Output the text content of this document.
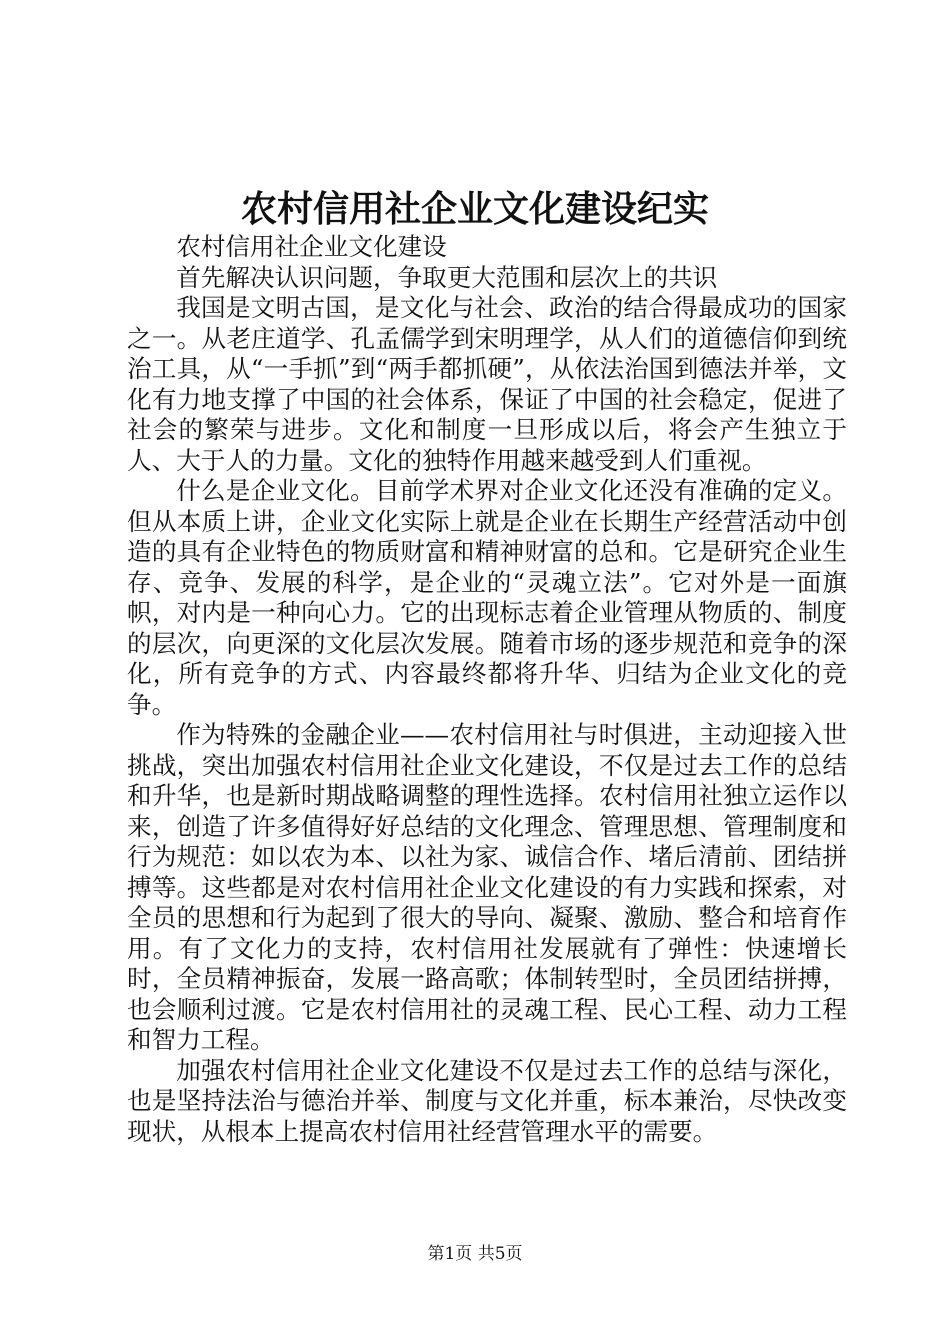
农村信用社企业文化建设纪实

农村信用社企业文化建设

首先解决认识问题，争取更大范围和层次上的共识

我国是文明古国，是文化与社会、政治的结合得最成功的国家之一。从老庄道学、孔孟儒学到宋明理学，从人们的道德信仰到统治工具，从“一手抓”到“两手都抓硬”，从依法治国到德法并举，文化有力地支撑了中国的社会体系，保证了中国的社会稳定，促进了社会的繁荣与进步。文化和制度一旦形成以后，将会产生独立于人、大于人的力量。文化的独特作用越来越受到人们重视。

什么是企业文化。目前学术界对企业文化还没有准确的定义。但从本质上讲，企业文化实际上就是企业在长期生产经营活动中创造的具有企业特色的物质财富和精神财富的总和。它是研究企业生存、竞争、发展的科学，是企业的“灵魂立法”。它对外是一面旗帜，对内是一种向心力。它的出现标志着企业管理从物质的、制度的层次，向更深的文化层次发展。随着市场的逐步规范和竞争的深化，所有竞争的方式、内容最终都将升华、归结为企业文化的竞争。

作为特殊的金融企业——农村信用社与时俱进，主动迎接入世挑战，突出加强农村信用社企业文化建设，不仅是过去工作的总结和升华，也是新时期战略调整的理性选择。农村信用社独立运作以来，创造了许多值得好好总结的文化理念、管理思想、管理制度和行为规范：如以农为本、以社为家、诚信合作、堵后清前、团结拼搏等。这些都是对农村信用社企业文化建设的有力实践和探索，对全员的思想和行为起到了很大的导向、凝聚、激励、整合和培育作用。有了文化力的支持，农村信用社发展就有了弹性：快速增长时，全员精神振奋，发展一路高歌；体制转型时，全员团结拼搏，也会顺利过渡。它是农村信用社的灵魂工程、民心工程、动力工程和智力工程。

加强农村信用社企业文化建设不仅是过去工作的总结与深化，也是坚持法治与德治并举、制度与文化并重，标本兼治，尽快改变现状，从根本上提高农村信用社经营管理水平的需要。

第1页 共5页
